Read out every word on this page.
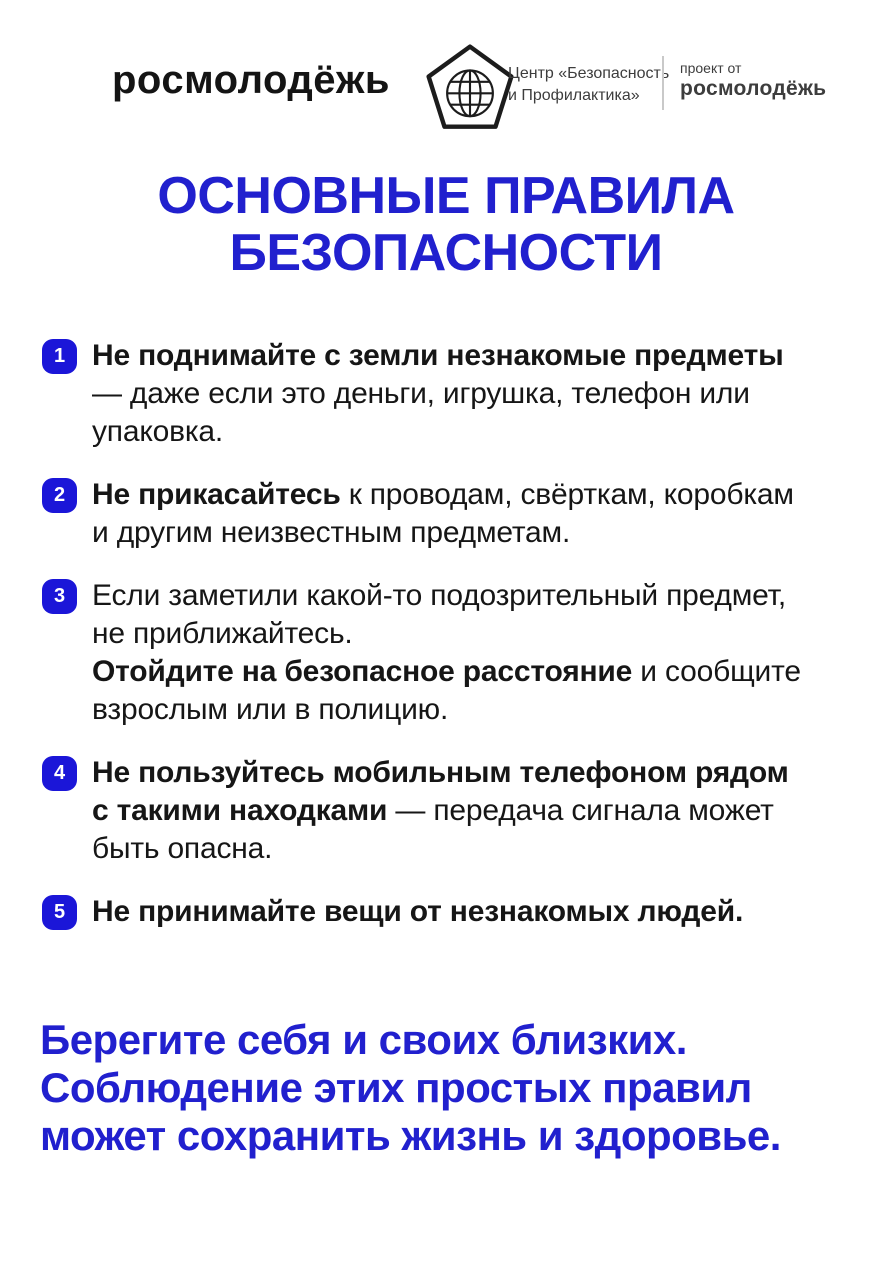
росмолодёжь	Центр «Безопасность
и Профилактика»
проект от
росмолодёжь
ОСНОВНЫЕ ПРАВИЛА
БЕЗОПАСНОСТИ
1 Не поднимайте с земли незнакомые предметы — даже если это деньги, игрушка, телефон или упаковка.
2 Не прикасайтесь к проводам, свёрткам, коробкам и другим неизвестным предметам.
3 Если заметили какой-то подозрительный предмет, не приближайтесь.
Отойдите на безопасное расстояние и сообщите взрослым или в полицию.
4 Не пользуйтесь мобильным телефоном рядом с такими находками — передача сигнала может быть опасна.
5 Не принимайте вещи от незнакомых людей.
Берегите себя и своих близких.
Соблюдение этих простых правил
может сохранить жизнь и здоровье.
